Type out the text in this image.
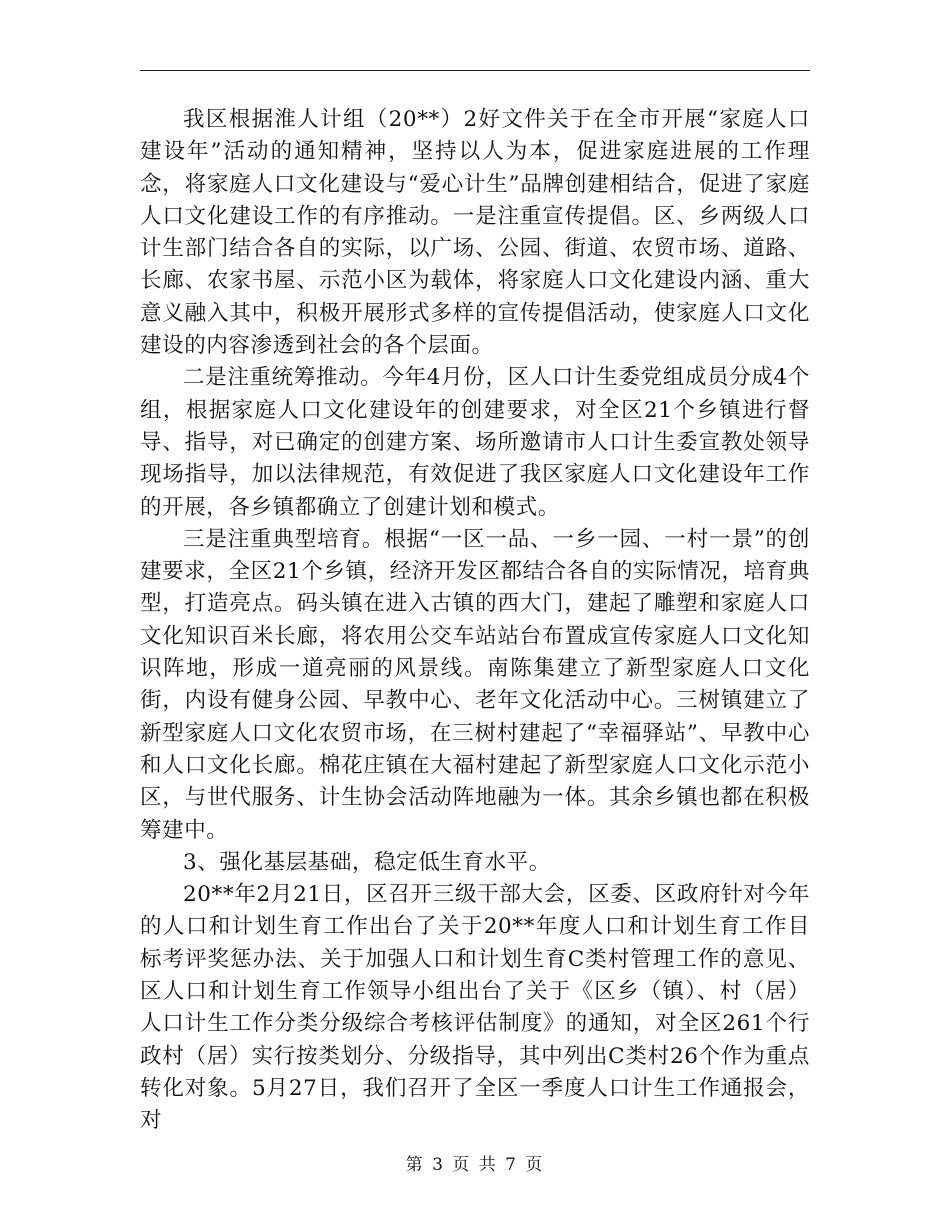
我区根据淮人计组（20**）2好文件关于在全市开展“家庭人口建设年”活动的通知精神，坚持以人为本，促进家庭进展的工作理念，将家庭人口文化建设与“爱心计生”品牌创建相结合，促进了家庭人口文化建设工作的有序推动。一是注重宣传提倡。区、乡两级人口计生部门结合各自的实际，以广场、公园、街道、农贸市场、道路、长廊、农家书屋、示范小区为载体，将家庭人口文化建设内涵、重大意义融入其中，积极开展形式多样的宣传提倡活动，使家庭人口文化建设的内容渗透到社会的各个层面。

二是注重统筹推动。今年4月份，区人口计生委党组成员分成4个组，根据家庭人口文化建设年的创建要求，对全区21个乡镇进行督导、指导，对已确定的创建方案、场所邀请市人口计生委宣教处领导现场指导，加以法律规范，有效促进了我区家庭人口文化建设年工作的开展，各乡镇都确立了创建计划和模式。

三是注重典型培育。根据“一区一品、一乡一园、一村一景”的创建要求，全区21个乡镇，经济开发区都结合各自的实际情况，培育典型，打造亮点。码头镇在进入古镇的西大门，建起了雕塑和家庭人口文化知识百米长廊，将农用公交车站站台布置成宣传家庭人口文化知识阵地，形成一道亮丽的风景线。南陈集建立了新型家庭人口文化街，内设有健身公园、早教中心、老年文化活动中心。三树镇建立了新型家庭人口文化农贸市场，在三树村建起了“幸福驿站”、早教中心和人口文化长廊。棉花庄镇在大福村建起了新型家庭人口文化示范小区，与世代服务、计生协会活动阵地融为一体。其余乡镇也都在积极筹建中。

3、强化基层基础，稳定低生育水平。

20**年2月21日，区召开三级干部大会，区委、区政府针对今年的人口和计划生育工作出台了关于20**年度人口和计划生育工作目标考评奖惩办法、关于加强人口和计划生育C类村管理工作的意见、区人口和计划生育工作领导小组出台了关于《区乡（镇）、村（居）人口计生工作分类分级综合考核评估制度》的通知，对全区261个行政村（居）实行按类划分、分级指导，其中列出C类村26个作为重点转化对象。5月27日，我们召开了全区一季度人口计生工作通报会，对

第 3 页 共 7 页
